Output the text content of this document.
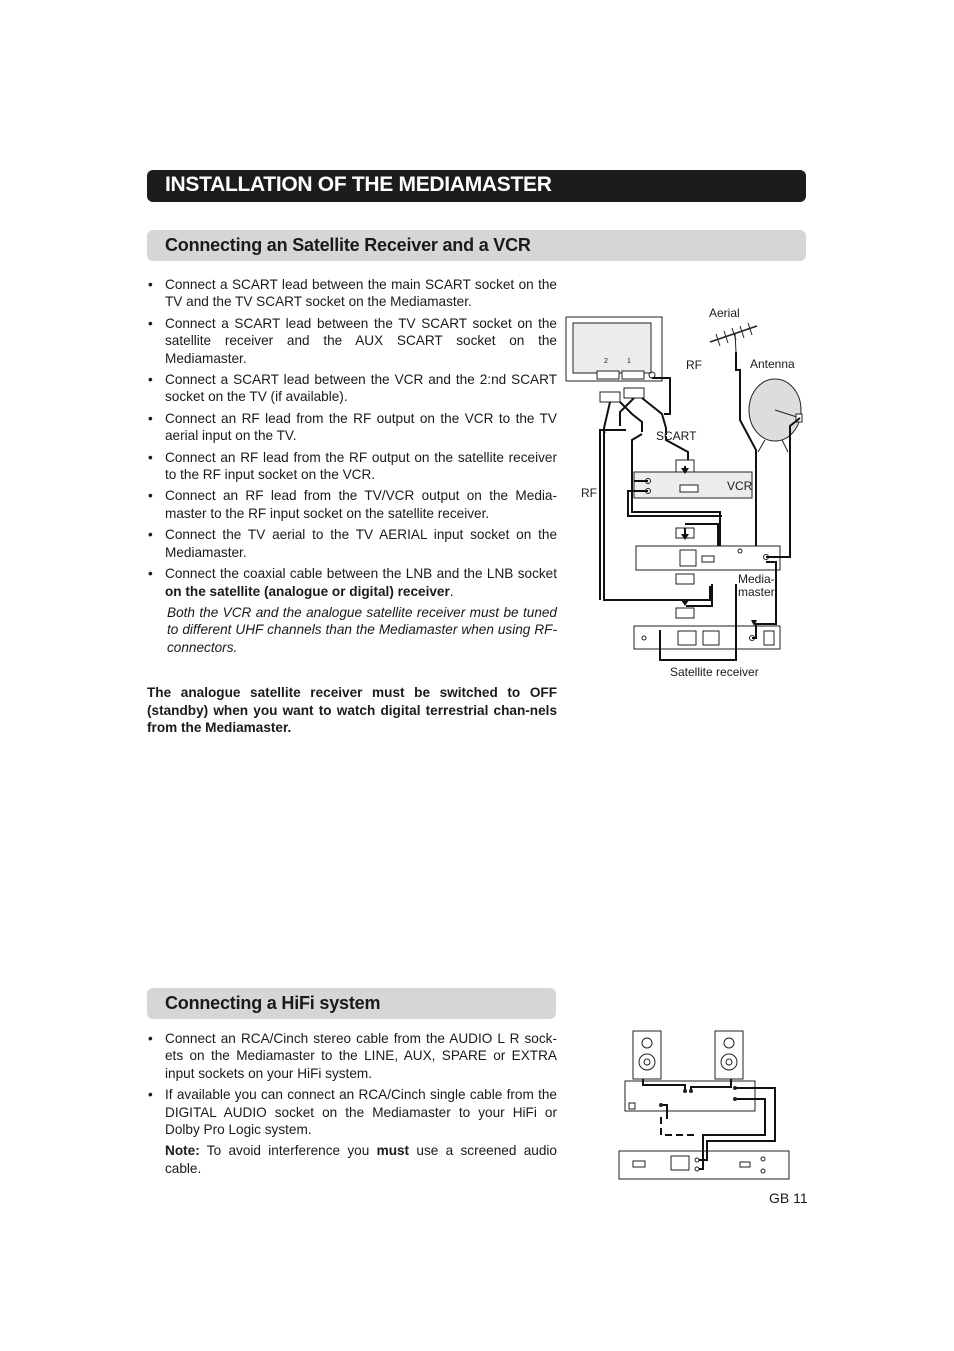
INSTALLATION OF THE MEDIAMASTER
Connecting an Satellite Receiver and a VCR
• Connect a SCART lead between the main SCART socket on the TV and the TV SCART socket on the Mediamaster.
• Connect a SCART lead between the TV SCART socket on the satellite receiver and the AUX SCART socket on the Mediamaster.
• Connect a SCART lead between the VCR and the 2:nd SCART socket on the TV (if available).
• Connect an RF lead from the RF output on the VCR to the TV aerial input on the TV.
• Connect an RF lead from the RF output on the satellite receiver to the RF input socket on the VCR.
• Connect an RF lead from the TV/VCR output on the Media-master to the RF input socket on the satellite receiver.
• Connect the TV aerial to the TV AERIAL input socket on the Mediamaster.
• Connect the coaxial cable between the LNB and the LNB socket on the satellite (analogue or digital) receiver.
Both the VCR and the analogue satellite receiver must be tuned to different UHF channels than the Mediamaster when using RF-connectors.
The analogue satellite receiver must be switched to OFF (standby) when you want to watch digital terrestrial chan-nels from the Mediamaster.
Aerial
RF	Antenna
SCART
RF	VCR
Media-
master
Satellite receiver
2	1
Connecting a HiFi system
• Connect an RCA/Cinch stereo cable from the AUDIO L R sock-ets on the Mediamaster to the LINE, AUX, SPARE or EXTRA input sockets on your HiFi system.
• If available you can connect an RCA/Cinch single cable from the DIGITAL AUDIO socket on the Mediamaster to your HiFi or Dolby Pro Logic system.
Note: To avoid interference you must use a screened audio cable.
GB 11
